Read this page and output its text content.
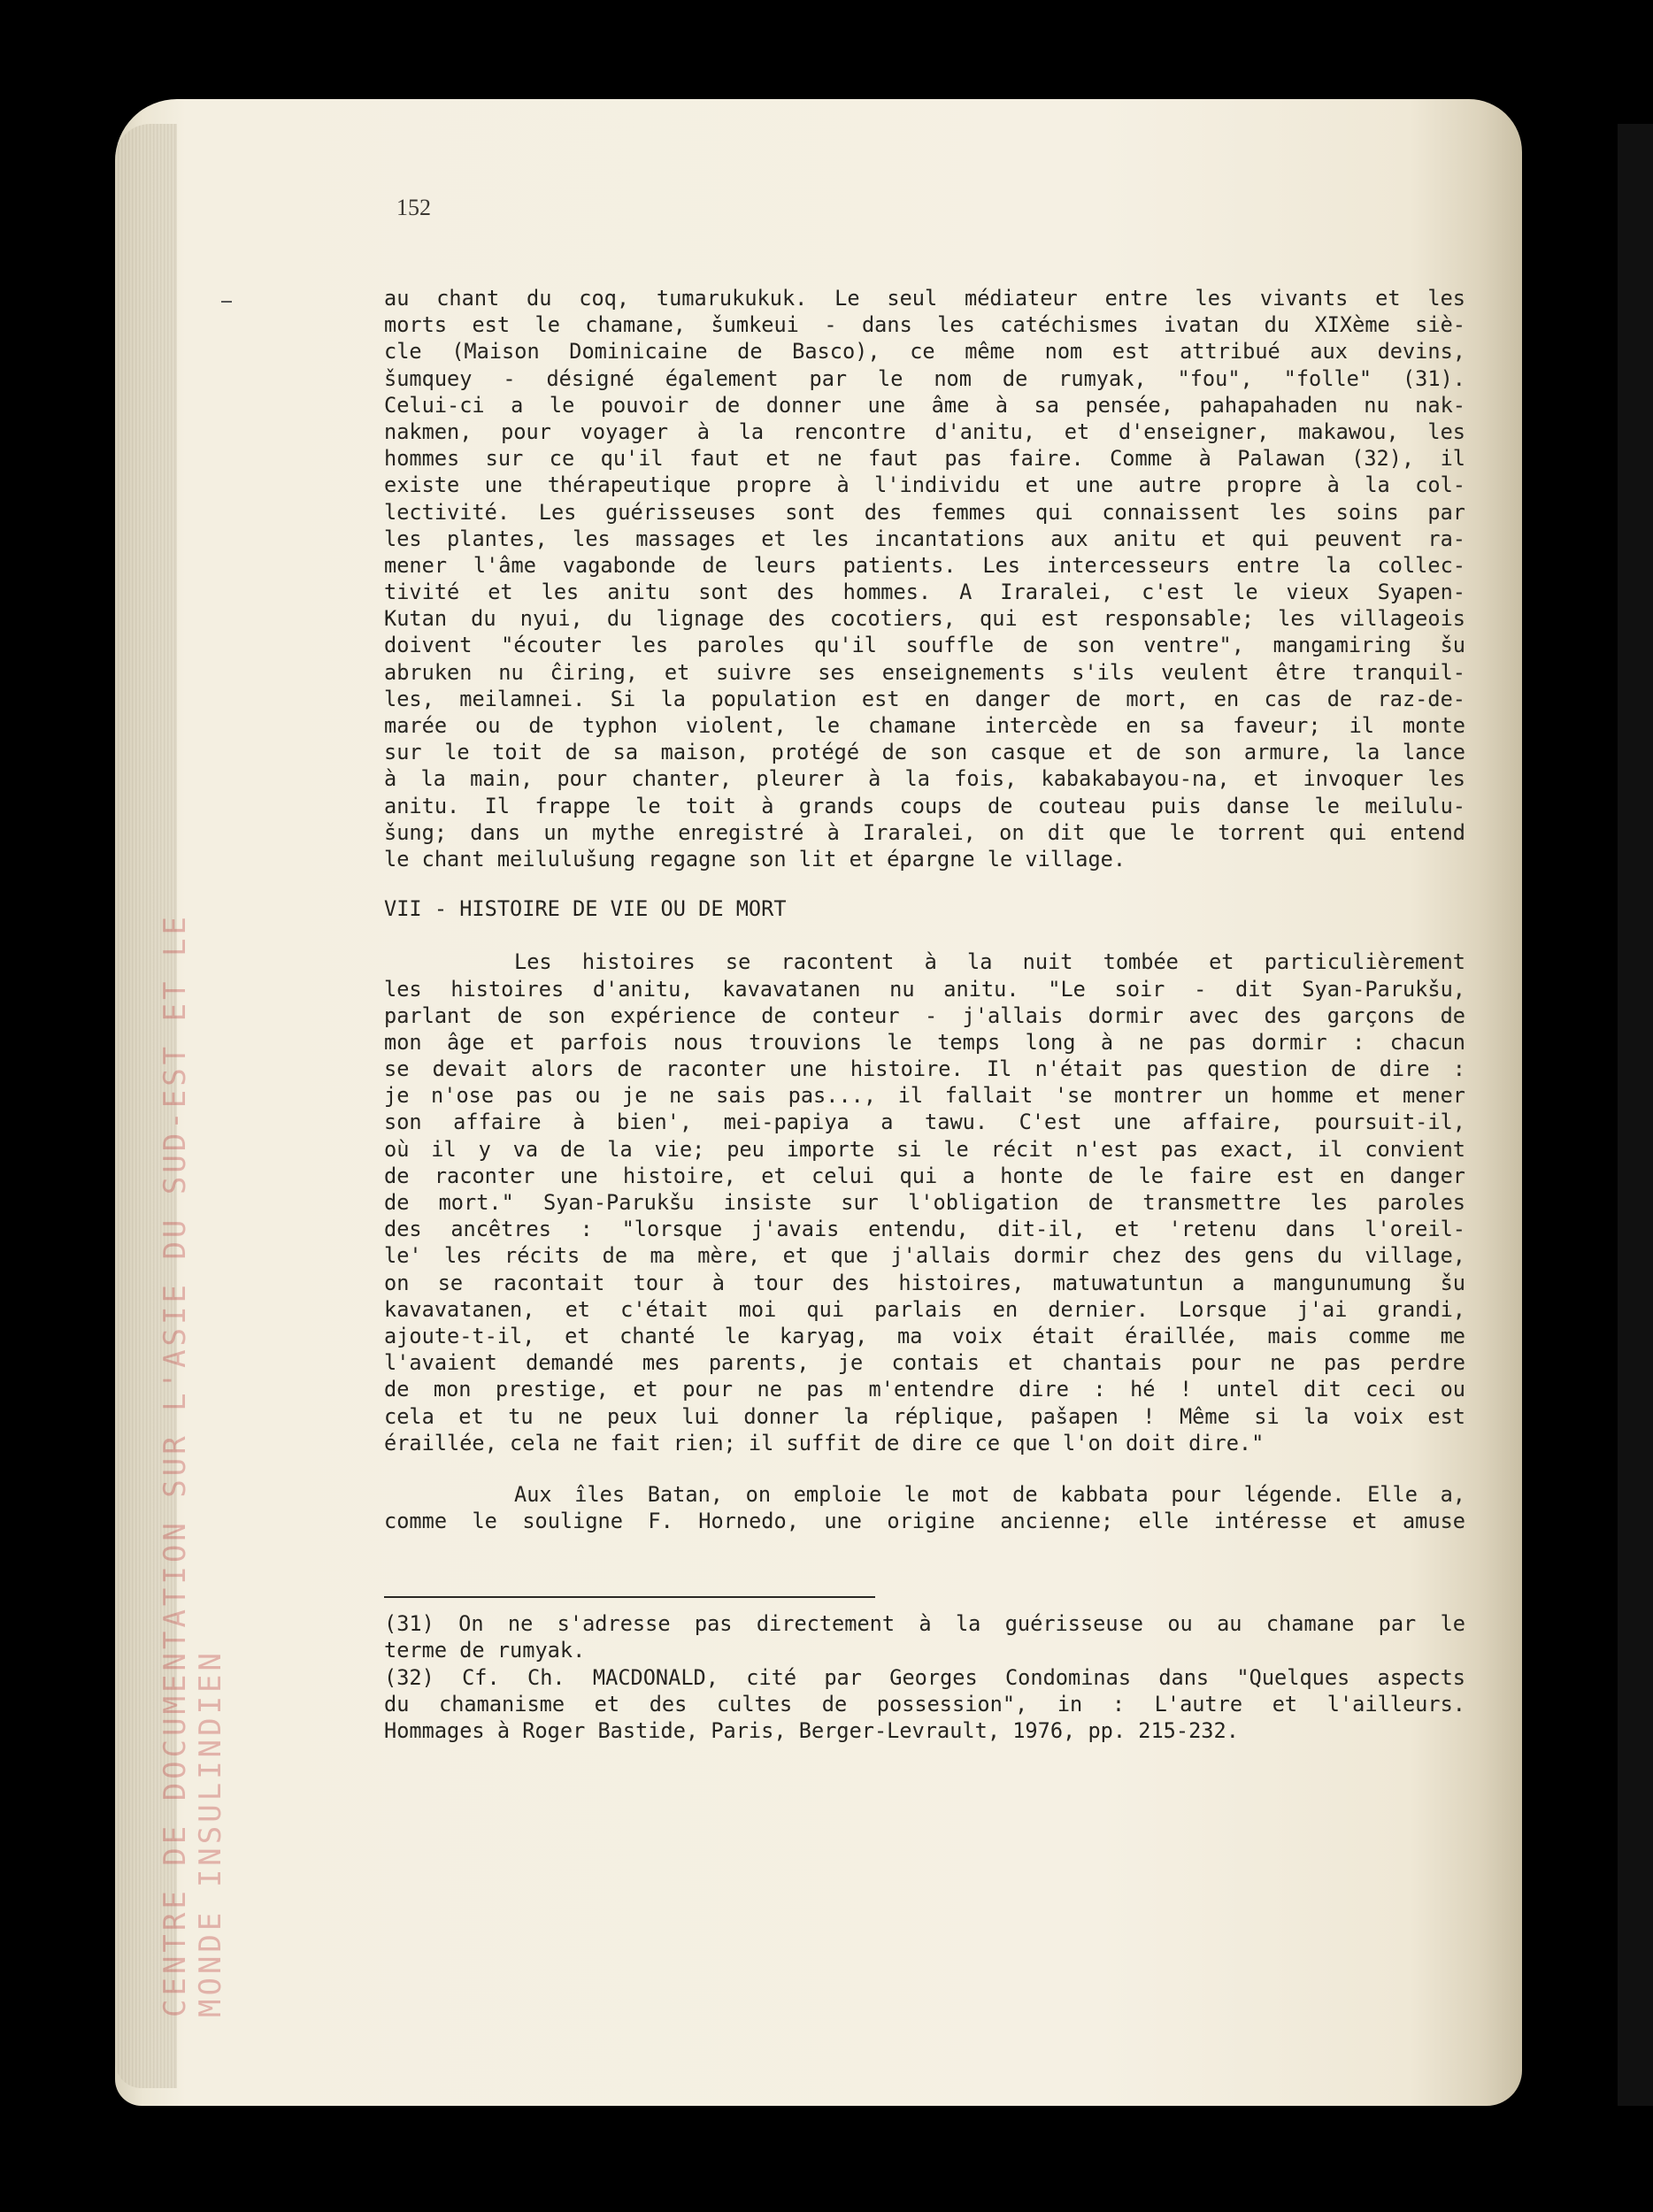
CENTRE DE DOCUMENTATION SUR L'ASIE DU SUD-EST ET LE MONDE INSULINDIEN
152
au chant du coq, tumarukukuk. Le seul médiateur entre les vivants et les
morts est le chamane, šumkeui - dans les catéchismes ivatan du XIXème siè-
cle (Maison Dominicaine de Basco), ce même nom est attribué aux devins,
šumquey - désigné également par le nom de rumyak, "fou", "folle" (31).
Celui-ci a le pouvoir de donner une âme à sa pensée, pahapahaden nu nak-
nakmen, pour voyager à la rencontre d'anitu, et d'enseigner, makawou, les
hommes sur ce qu'il faut et ne faut pas faire. Comme à Palawan (32), il
existe une thérapeutique propre à l'individu et une autre propre à la col-
lectivité. Les guérisseuses sont des femmes qui connaissent les soins par
les plantes, les massages et les incantations aux anitu et qui peuvent ra-
mener l'âme vagabonde de leurs patients. Les intercesseurs entre la collec-
tivité et les anitu sont des hommes. A Iraralei, c'est le vieux Syapen-
Kutan du nyui, du lignage des cocotiers, qui est responsable; les villageois
doivent "écouter les paroles qu'il souffle de son ventre", mangamiring šu
abruken nu ĉiring, et suivre ses enseignements s'ils veulent être tranquil-
les, meilamnei. Si la population est en danger de mort, en cas de raz-de-
marée ou de typhon violent, le chamane intercède en sa faveur; il monte
sur le toit de sa maison, protégé de son casque et de son armure, la lance
à la main, pour chanter, pleurer à la fois, kabakabayou-na, et invoquer les
anitu. Il frappe le toit à grands coups de couteau puis danse le meilulu-
šung; dans un mythe enregistré à Iraralei, on dit que le torrent qui entend
le chant meilulušung regagne son lit et épargne le village.
VII - HISTOIRE DE VIE OU DE MORT
Les histoires se racontent à la nuit tombée et particulièrement
les histoires d'anitu, kavavatanen nu anitu. "Le soir - dit Syan-Parukšu,
parlant de son expérience de conteur - j'allais dormir avec des garçons de
mon âge et parfois nous trouvions le temps long à ne pas dormir : chacun
se devait alors de raconter une histoire. Il n'était pas question de dire :
je n'ose pas ou je ne sais pas..., il fallait 'se montrer un homme et mener
son affaire à bien', mei-papiya a tawu. C'est une affaire, poursuit-il,
où il y va de la vie; peu importe si le récit n'est pas exact, il convient
de raconter une histoire, et celui qui a honte de le faire est en danger
de mort." Syan-Parukšu insiste sur l'obligation de transmettre les paroles
des ancêtres : "lorsque j'avais entendu, dit-il, et 'retenu dans l'oreil-
le' les récits de ma mère, et que j'allais dormir chez des gens du village,
on se racontait tour à tour des histoires, matuwatuntun a mangunumung šu
kavavatanen, et c'était moi qui parlais en dernier. Lorsque j'ai grandi,
ajoute-t-il, et chanté le karyag, ma voix était éraillée, mais comme me
l'avaient demandé mes parents, je contais et chantais pour ne pas perdre
de mon prestige, et pour ne pas m'entendre dire : hé ! untel dit ceci ou
cela et tu ne peux lui donner la réplique, pašapen ! Même si la voix est
éraillée, cela ne fait rien; il suffit de dire ce que l'on doit dire."
Aux îles Batan, on emploie le mot de kabbata pour légende. Elle a,
comme le souligne F. Hornedo, une origine ancienne; elle intéresse et amuse
(31) On ne s'adresse pas directement à la guérisseuse ou au chamane par le
terme de rumyak.
(32) Cf. Ch. MACDONALD, cité par Georges Condominas dans "Quelques aspects
du chamanisme et des cultes de possession", in : L'autre et l'ailleurs.
Hommages à Roger Bastide, Paris, Berger-Levrault, 1976, pp. 215-232.
